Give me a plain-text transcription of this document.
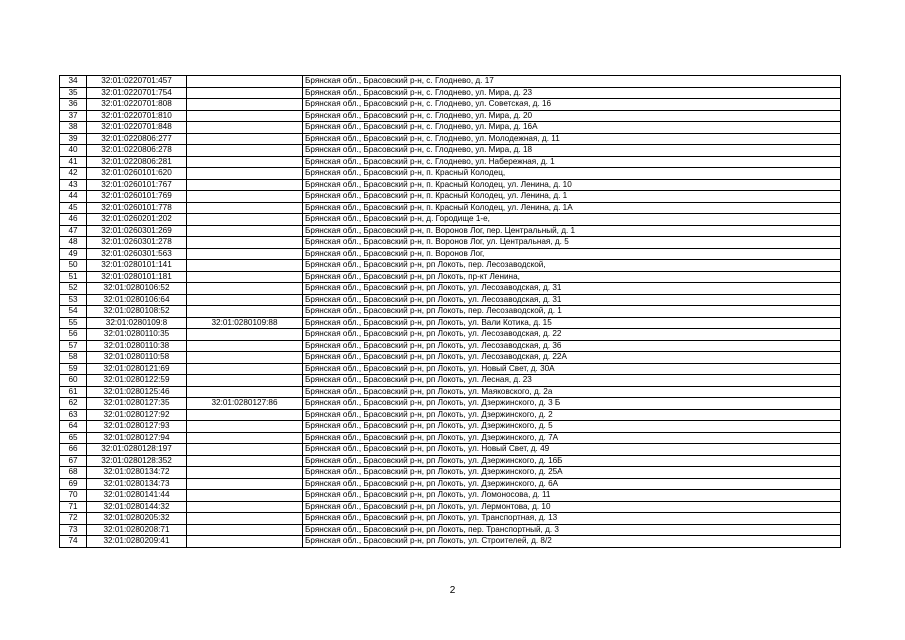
34	32:01:0220701:457		Брянская обл., Брасовский р-н, с. Глоднево, д. 17
35	32:01:0220701:754		Брянская обл., Брасовский р-н, с. Глоднево, ул. Мира, д. 23
36	32:01:0220701:808		Брянская обл., Брасовский р-н, с. Глоднево, ул. Советская, д. 16
37	32:01:0220701:810		Брянская обл., Брасовский р-н, с. Глоднево, ул. Мира, д. 20
38	32:01:0220701:848		Брянская обл., Брасовский р-н, с. Глоднево, ул. Мира, д. 16А
39	32:01:0220806:277		Брянская обл., Брасовский р-н, с. Глоднево, ул. Молодежная, д. 11
40	32:01:0220806:278		Брянская обл., Брасовский р-н, с. Глоднево, ул. Мира, д. 18
41	32:01:0220806:281		Брянская обл., Брасовский р-н, с. Глоднево, ул. Набережная, д. 1
42	32:01:0260101:620		Брянская обл., Брасовский р-н, п. Красный Колодец,
43	32:01:0260101:767		Брянская обл., Брасовский р-н, п. Красный Колодец, ул. Ленина, д. 10
44	32:01:0260101:769		Брянская обл., Брасовский р-н, п. Красный Колодец, ул. Ленина, д. 1
45	32:01:0260101:778		Брянская обл., Брасовский р-н, п. Красный Колодец, ул. Ленина, д. 1А
46	32:01:0260201:202		Брянская обл., Брасовский р-н, д. Городище 1-е,
47	32:01:0260301:269		Брянская обл., Брасовский р-н, п. Воронов Лог, пер. Центральный, д. 1
48	32:01:0260301:278		Брянская обл., Брасовский р-н, п. Воронов Лог, ул. Центральная, д. 5
49	32:01:0260301:563		Брянская обл., Брасовский р-н, п. Воронов Лог,
50	32:01:0280101:141		Брянская обл., Брасовский р-н, рп Локоть, пер. Лесозаводской,
51	32:01:0280101:181		Брянская обл., Брасовский р-н, рп Локоть, пр-кт Ленина,
52	32:01:0280106:52		Брянская обл., Брасовский р-н, рп Локоть, ул. Лесозаводская, д. 31
53	32:01:0280106:64		Брянская обл., Брасовский р-н, рп Локоть, ул. Лесозаводская, д. 31
54	32:01:0280108:52		Брянская обл., Брасовский р-н, рп Локоть, пер. Лесозаводской, д. 1
55	32:01:0280109:8	32:01:0280109:88	Брянская обл., Брасовский р-н, рп Локоть, ул. Вали Котика, д. 15
56	32:01:0280110:35		Брянская обл., Брасовский р-н, рп Локоть, ул. Лесозаводская, д. 22
57	32:01:0280110:38		Брянская обл., Брасовский р-н, рп Локоть, ул. Лесозаводская, д. 36
58	32:01:0280110:58		Брянская обл., Брасовский р-н, рп Локоть, ул. Лесозаводская, д. 22А
59	32:01:0280121:69		Брянская обл., Брасовский р-н, рп Локоть, ул. Новый Свет, д. 30А
60	32:01:0280122:59		Брянская обл., Брасовский р-н, рп Локоть, ул. Лесная, д. 23
61	32:01:0280125:46		Брянская обл., Брасовский р-н, рп Локоть, ул. Маяковского, д. 2а
62	32:01:0280127:35	32:01:0280127:86	Брянская обл., Брасовский р-н, рп Локоть, ул. Дзержинского, д. 3 Б
63	32:01:0280127:92		Брянская обл., Брасовский р-н, рп Локоть, ул. Дзержинского, д. 2
64	32:01:0280127:93		Брянская обл., Брасовский р-н, рп Локоть, ул. Дзержинского, д. 5
65	32:01:0280127:94		Брянская обл., Брасовский р-н, рп Локоть, ул. Дзержинского, д. 7А
66	32:01:0280128:197		Брянская обл., Брасовский р-н, рп Локоть, ул. Новый Свет, д. 49
67	32:01:0280128:352		Брянская обл., Брасовский р-н, рп Локоть, ул. Дзержинского, д. 16Б
68	32:01:0280134:72		Брянская обл., Брасовский р-н, рп Локоть, ул. Дзержинского, д. 25А
69	32:01:0280134:73		Брянская обл., Брасовский р-н, рп Локоть, ул. Дзержинского, д. 6А
70	32:01:0280141:44		Брянская обл., Брасовский р-н, рп Локоть, ул. Ломоносова, д. 11
71	32:01:0280144:32		Брянская обл., Брасовский р-н, рп Локоть, ул. Лермонтова, д. 10
72	32:01:0280205:32		Брянская обл., Брасовский р-н, рп Локоть, ул. Транспортная, д. 13
73	32:01:0280208:71		Брянская обл., Брасовский р-н, рп Локоть, пер. Транспортный, д. 3
74	32:01:0280209:41		Брянская обл., Брасовский р-н, рп Локоть, ул. Строителей, д. 8/2
2
